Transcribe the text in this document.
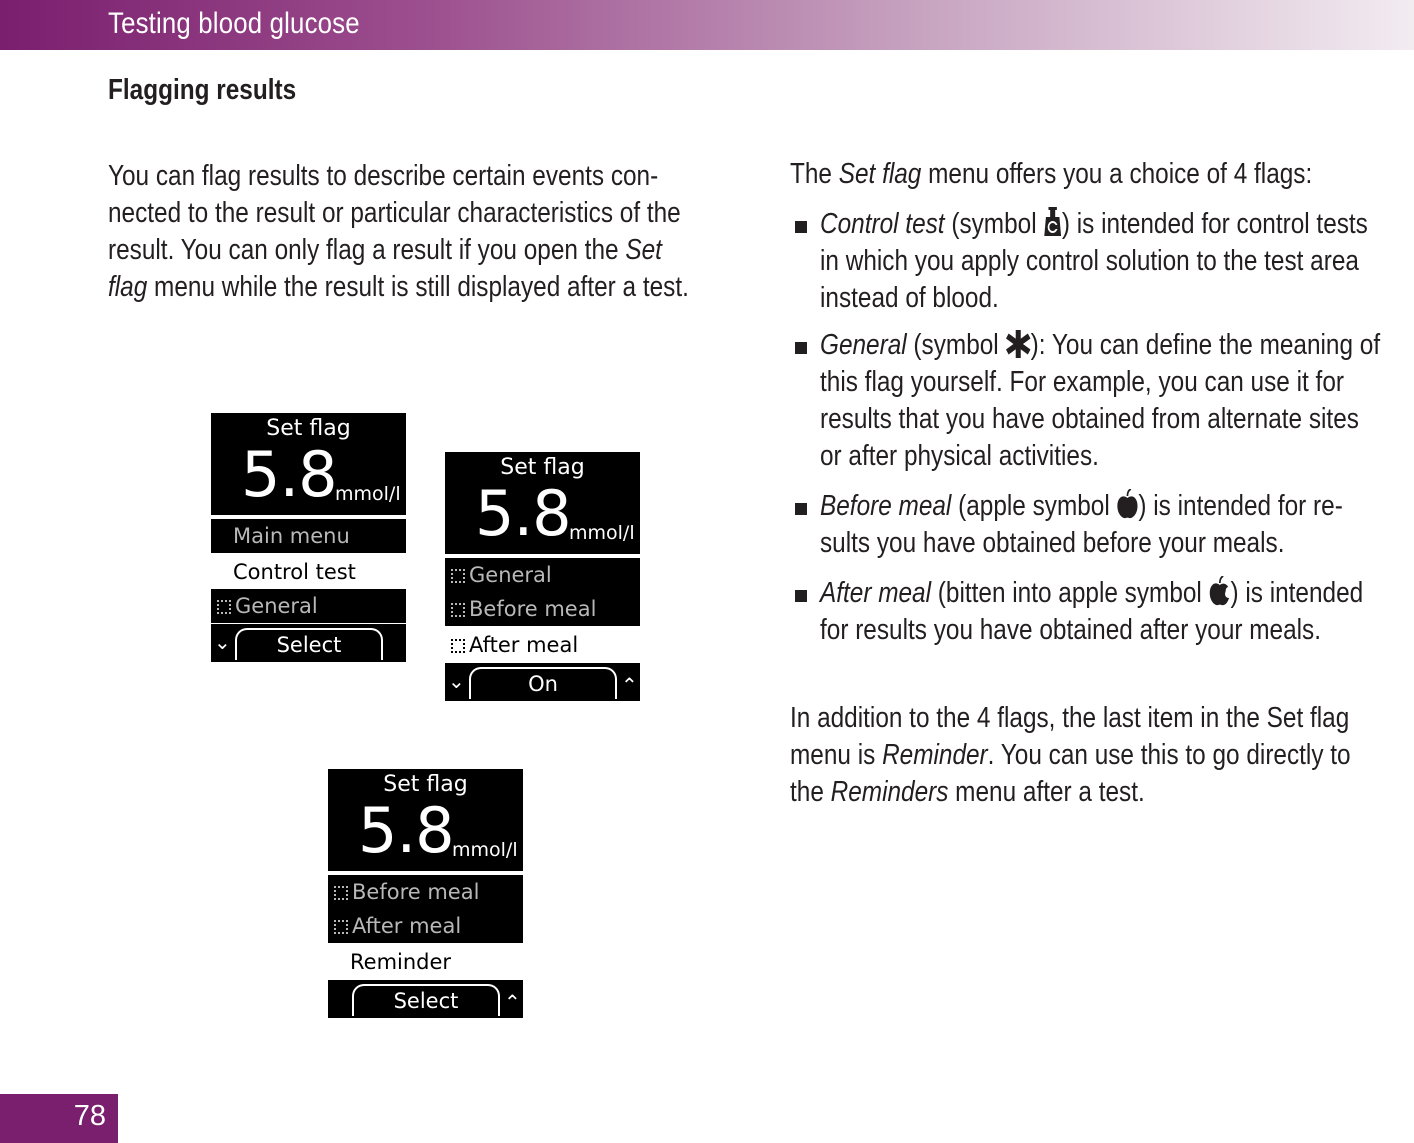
Testing blood glucose
Flagging results
You can flag results to describe certain events con-
nected to the result or particular characteristics of the
result. You can only flag a result if you open the Set
flag menu while the result is still displayed after a test.
Set flag
5.8
mmol/l
Main menu
Control test
General
⌄	Select
Set flag
5.8
mmol/l
General
Before meal
After meal
⌄	On	⌃
Set flag
5.8
mmol/l
Before meal
After meal
Reminder
Select	⌃
The Set flag menu offers you a choice of 4 flags:
Control test (symbol ) is intended for control tests
in which you apply control solution to the test area
instead of blood.
General (symbol ): You can define the meaning of
this flag yourself. For example, you can use it for
results that you have obtained from alternate sites
or after physical activities.
Before meal (apple symbol ) is intended for re-
sults you have obtained before your meals.
After meal (bitten into apple symbol ) is intended
for results you have obtained after your meals.
In addition to the 4 flags, the last item in the Set flag
menu is Reminder. You can use this to go directly to
the Reminders menu after a test.
78
